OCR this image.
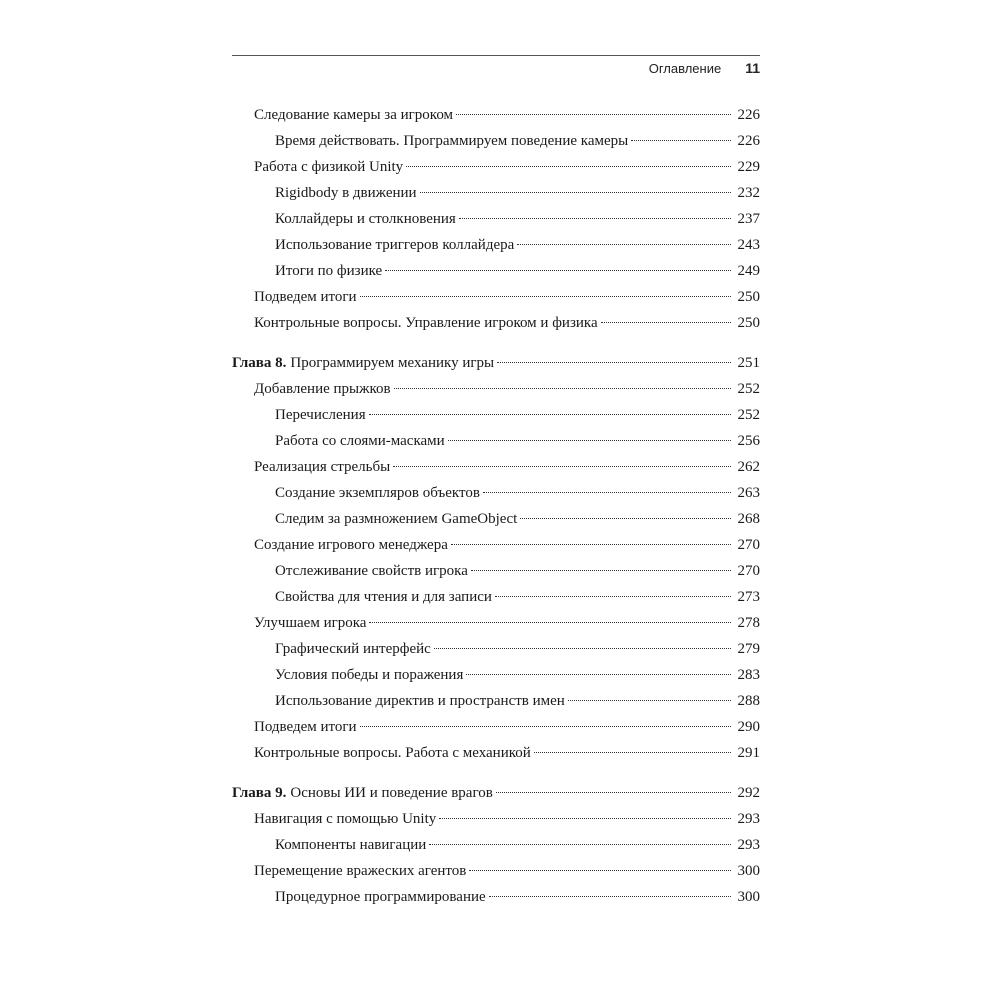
Оглавление 11
Следование камеры за игроком	226
Время действовать. Программируем поведение камеры	226
Работа с физикой Unity	229
Rigidbody в движении	232
Коллайдеры и столкновения	237
Использование триггеров коллайдера	243
Итоги по физике	249
Подведем итоги	250
Контрольные вопросы. Управление игроком и физика	250
Глава 8. Программируем механику игры	251
Добавление прыжков	252
Перечисления	252
Работа со слоями-масками	256
Реализация стрельбы	262
Создание экземпляров объектов	263
Следим за размножением GameObject	268
Создание игрового менеджера	270
Отслеживание свойств игрока	270
Свойства для чтения и для записи	273
Улучшаем игрока	278
Графический интерфейс	279
Условия победы и поражения	283
Использование директив и пространств имен	288
Подведем итоги	290
Контрольные вопросы. Работа с механикой	291
Глава 9. Основы ИИ и поведение врагов	292
Навигация с помощью Unity	293
Компоненты навигации	293
Перемещение вражеских агентов	300
Процедурное программирование	300
